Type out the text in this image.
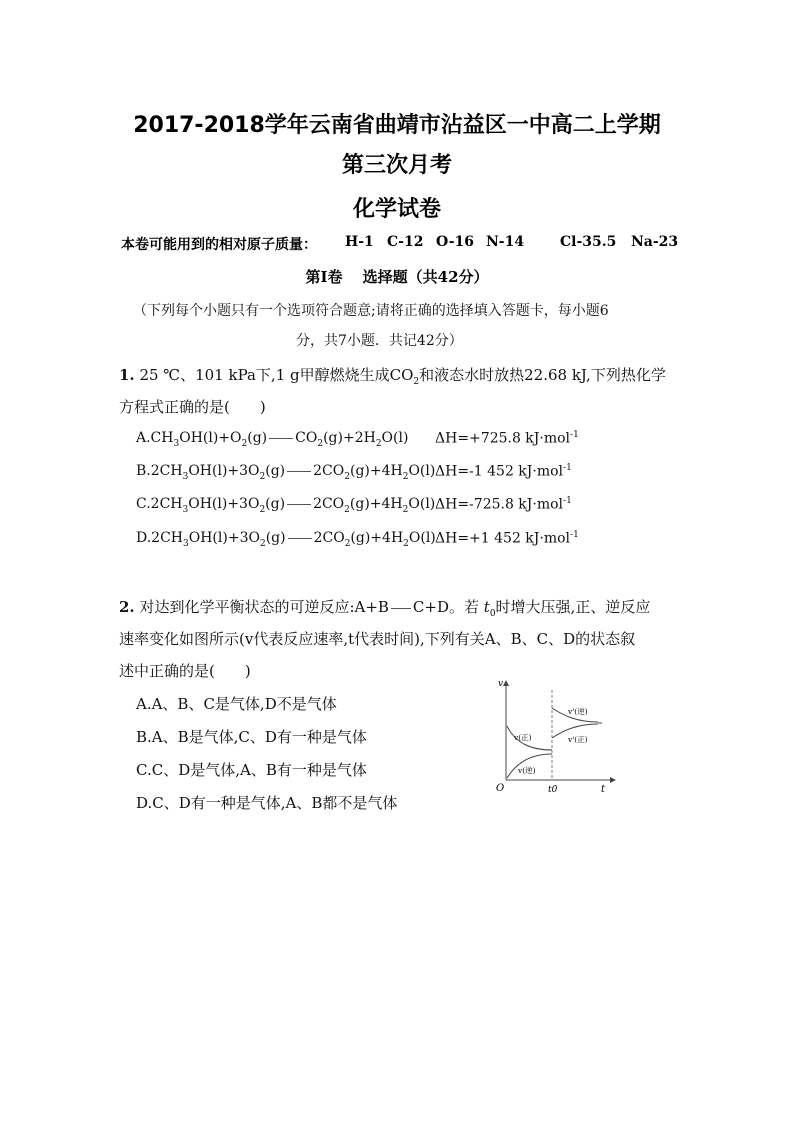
2017-2018学年云南省曲靖市沾益区一中高二上学期
第三次月考
化学试卷
本卷可能用到的相对原子质量： H-1 C-12 O-16 N-14	Cl-35.5 Na-23
第Ⅰ卷　 选择题（共42分）
（下列每个小题只有一个选项符合题意;请将正确的选择填入答题卡，每小题6
分，共7小题．共记42分）
1. 25 ℃、101 kPa下,1 g甲醇燃烧生成$CO_2$和液态水时放热22.68 kJ,下列热化学
方程式正确的是(　　)
$A.CH_3OH(l)+O_2(g)$ $CO_2(g)+2H_2O(l)$ ΔH=+725.8 kJ·mol$^{-1}$
$B.2CH_3OH(l)+3O_2(g)$ $2CO_2(g)+4H_2O(l)$ ΔH=-1 452 kJ·mol$^{-1}$
$C.2CH_3OH(l)+3O_2(g)$ $2CO_2(g)+4H_2O(l)$ ΔH=-725.8 kJ·mol$^{-1}$
$D.2CH_3OH(l)+3O_2(g)$ $2CO_2(g)+4H_2O(l)$ ΔH=+1 452 kJ·mol$^{-1}$
2. 对达到化学平衡状态的可逆反应:A+B C+D。若 $t_0$时增大压强,正、逆反应
速率变化如图所示(v代表反应速率,t代表时间),下列有关A、B、C、D的状态叙
述中正确的是(　　)
A.A、B、C是气体,D不是气体
B.A、B是气体,C、D有一种是气体
C.C、D是气体,A、B有一种是气体
D.C、D有一种是气体,A、B都不是气体
v
t
O	t0
v(正)
v(逆)
v'(逆)
v'(正)
